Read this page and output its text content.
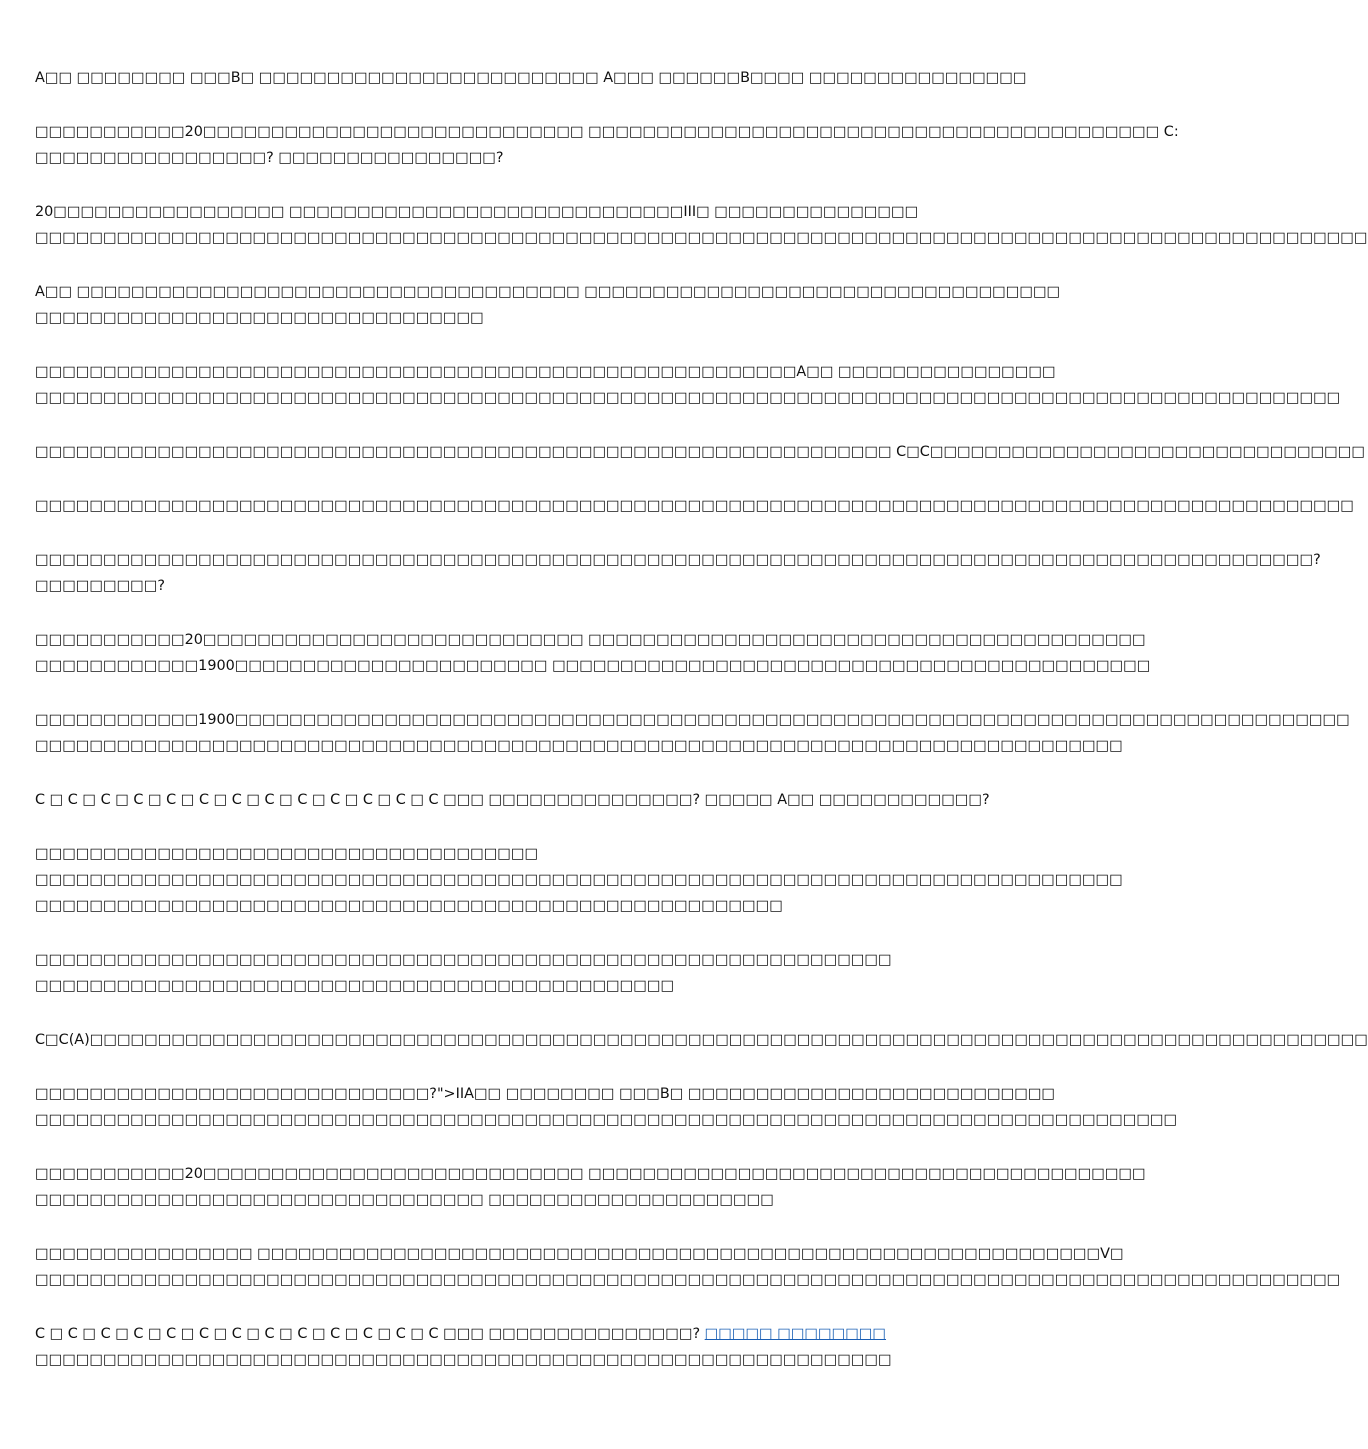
A□□ □□□□□□□□ □□□B□ □□□□□□□□□□□□□□□□□□□□□□□□□ A□□□ □□□□□□B□□□□ □□□□□□□□□□□□□□□□

□□□□□□□□□□□20□□□□□□□□□□□□□□□□□□□□□□□□□□□□ □□□□□□□□□□□□□□□□□□□□□□□□□□□□□□□□□□□□□□□□□□ C:
□□□□□□□□□□□□□□□□□? □□□□□□□□□□□□□□□□?

20□□□□□□□□□□□□□□□□□ □□□□□□□□□□□□□□□□□□□□□□□□□□□□□III□ □□□□□□□□□□□□□□□
□□□□□□□□□□□□□□□□□□□□□□□□□□□□□□□□□□□□□□□□□□□□□□□□□□□□□□□□□□□□□□□□□□□□□□□□□□□□□□□□□□□□□□□□□□□□□□□□□□

A□□ □□□□□□□□□□□□□□□□□□□□□□□□□□□□□□□□□□□□□ □□□□□□□□□□□□□□□□□□□□□□□□□□□□□□□□□□□
□□□□□□□□□□□□□□□□□□□□□□□□□□□□□□□□□

□□□□□□□□□□□□□□□□□□□□□□□□□□□□□□□□□□□□□□□□□□□□□□□□□□□□□□□□A□□ □□□□□□□□□□□□□□□□
□□□□□□□□□□□□□□□□□□□□□□□□□□□□□□□□□□□□□□□□□□□□□□□□□□□□□□□□□□□□□□□□□□□□□□□□□□□□□□□□□□□□□□□□□□□□□□□□

□□□□□□□□□□□□□□□□□□□□□□□□□□□□□□□□□□□□□□□□□□□□□□□□□□□□□□□□□□□□□□□ C□C□□□□□□□□□□□□□□□□□□□□□□□□□□□□□□□□

□□□□□□□□□□□□□□□□□□□□□□□□□□□□□□□□□□□□□□□□□□□□□□□□□□□□□□□□□□□□□□□□□□□□□□□□□□□□□□□□□□□□□□□□□□□□□□□□□

□□□□□□□□□□□□□□□□□□□□□□□□□□□□□□□□□□□□□□□□□□□□□□□□□□□□□□□□□□□□□□□□□□□□□□□□□□□□□□□□□□□□□□□□□□□□□□?
□□□□□□□□□?

□□□□□□□□□□□20□□□□□□□□□□□□□□□□□□□□□□□□□□□□ □□□□□□□□□□□□□□□□□□□□□□□□□□□□□□□□□□□□□□□□□
□□□□□□□□□□□□1900□□□□□□□□□□□□□□□□□□□□□□□ □□□□□□□□□□□□□□□□□□□□□□□□□□□□□□□□□□□□□□□□□□□□

□□□□□□□□□□□□1900□□□□□□□□□□□□□□□□□□□□□□□□□□□□□□□□□□□□□□□□□□□□□□□□□□□□□□□□□□□□□□□□□□□□□□□□□□□□□□□□□□
□□□□□□□□□□□□□□□□□□□□□□□□□□□□□□□□□□□□□□□□□□□□□□□□□□□□□□□□□□□□□□□□□□□□□□□□□□□□□□□□

C □ C □ C □ C □ C □ C □ C □ C □ C □ C □ C □ C □ C □□□ □□□□□□□□□□□□□□□? □□□□□ A□□ □□□□□□□□□□□□?

□□□□□□□□□□□□□□□□□□□□□□□□□□□□□□□□□□□□□
□□□□□□□□□□□□□□□□□□□□□□□□□□□□□□□□□□□□□□□□□□□□□□□□□□□□□□□□□□□□□□□□□□□□□□□□□□□□□□□□
□□□□□□□□□□□□□□□□□□□□□□□□□□□□□□□□□□□□□□□□□□□□□□□□□□□□□□□

□□□□□□□□□□□□□□□□□□□□□□□□□□□□□□□□□□□□□□□□□□□□□□□□□□□□□□□□□□□□□□□
□□□□□□□□□□□□□□□□□□□□□□□□□□□□□□□□□□□□□□□□□□□□□□□

C□C(A)□□□□□□□□□□□□□□□□□□□□□□□□□□□□□□□□□□□□□□□□□□□□□□□□□□□□□□□□□□□□□□□□□□□□□□□□□□□□□□□□□□□□□□□□□□□□□□

□□□□□□□□□□□□□□□□□□□□□□□□□□□□□?">IIA□□ □□□□□□□□ □□□B□ □□□□□□□□□□□□□□□□□□□□□□□□□□□
□□□□□□□□□□□□□□□□□□□□□□□□□□□□□□□□□□□□□□□□□□□□□□□□□□□□□□□□□□□□□□□□□□□□□□□□□□□□□□□□□□□□

□□□□□□□□□□□20□□□□□□□□□□□□□□□□□□□□□□□□□□□□ □□□□□□□□□□□□□□□□□□□□□□□□□□□□□□□□□□□□□□□□□
□□□□□□□□□□□□□□□□□□□□□□□□□□□□□□□□□ □□□□□□□□□□□□□□□□□□□□□

□□□□□□□□□□□□□□□□ □□□□□□□□□□□□□□□□□□□□□□□□□□□□□□□□□□□□□□□□□□□□□□□□□□□□□□□□□□□□□□V□
□□□□□□□□□□□□□□□□□□□□□□□□□□□□□□□□□□□□□□□□□□□□□□□□□□□□□□□□□□□□□□□□□□□□□□□□□□□□□□□□□□□□□□□□□□□□□□□□

C □ C □ C □ C □ C □ C □ C □ C □ C □ C □ C □ C □ C □□□ □□□□□□□□□□□□□□□? □□□□□ □□□□□□□□
□□□□□□□□□□□□□□□□□□□□□□□□□□□□□□□□□□□□□□□□□□□□□□□□□□□□□□□□□□□□□□□
